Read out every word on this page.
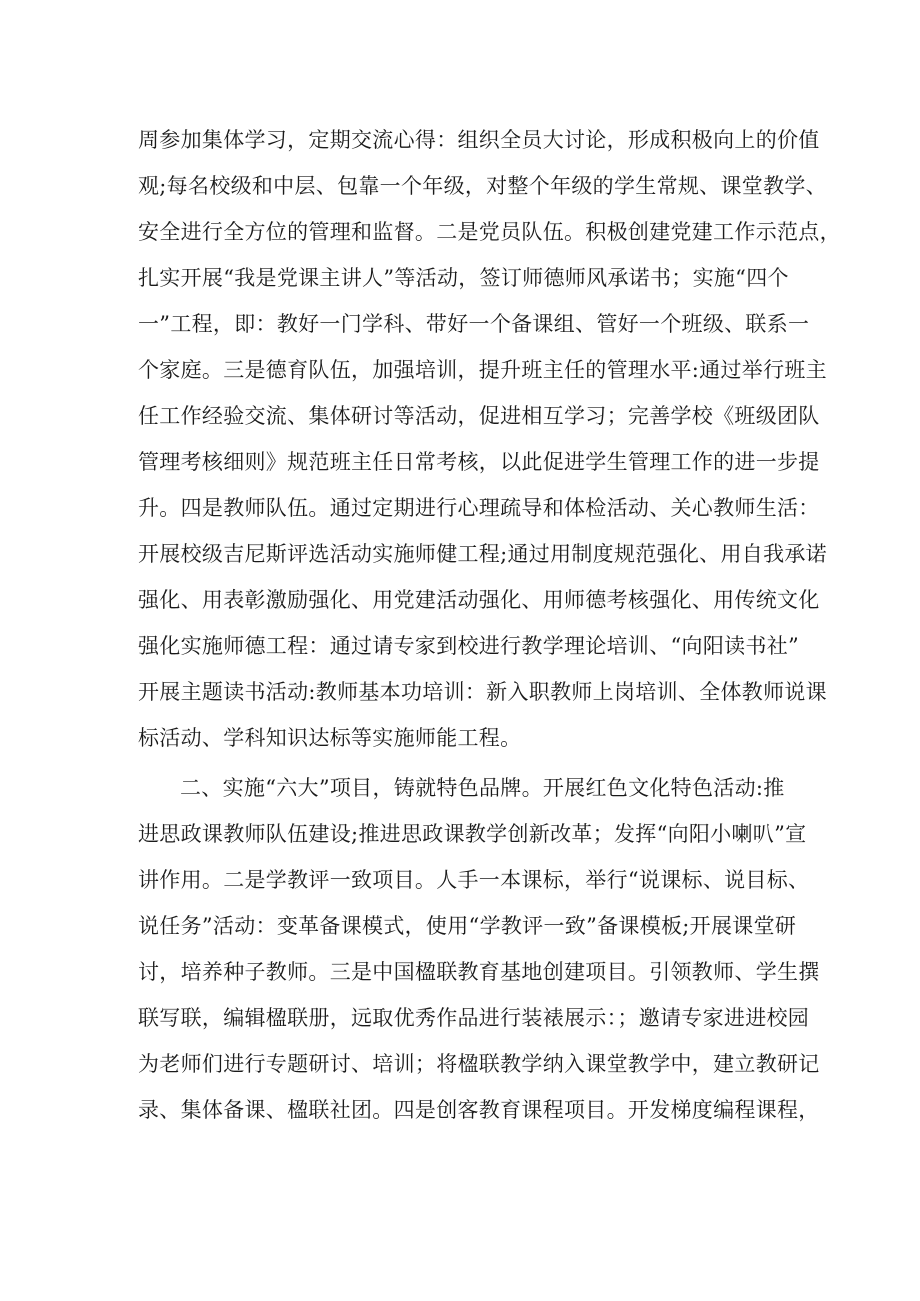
周参加集体学习，定期交流心得：组织全员大讨论，形成积极向上的价值
观;每名校级和中层、包靠一个年级，对整个年级的学生常规、课堂教学、
安全进行全方位的管理和监督。二是党员队伍。积极创建党建工作示范点，
扎实开展“我是党课主讲人”等活动，签订师德师风承诺书；实施“四个
一”工程，即：教好一门学科、带好一个备课组、管好一个班级、联系一
个家庭。三是德育队伍，加强培训，提升班主任的管理水平:通过举行班主
任工作经验交流、集体研讨等活动，促进相互学习；完善学校《班级团队
管理考核细则》规范班主任日常考核，以此促进学生管理工作的进一步提
升。四是教师队伍。通过定期进行心理疏导和体检活动、关心教师生活：
开展校级吉尼斯评选活动实施师健工程;通过用制度规范强化、用自我承诺
强化、用表彰激励强化、用党建活动强化、用师德考核强化、用传统文化
强化实施师德工程：通过请专家到校进行教学理论培训、“向阳读书社”
开展主题读书活动:教师基本功培训：新入职教师上岗培训、全体教师说课
标活动、学科知识达标等实施师能工程。
二、实施“六大”项目，铸就特色品牌。开展红色文化特色活动:推
进思政课教师队伍建设;推进思政课教学创新改革；发挥“向阳小喇叭”宣
讲作用。二是学教评一致项目。人手一本课标，举行“说课标、说目标、
说任务”活动：变革备课模式，使用“学教评一致”备课模板;开展课堂研
讨，培养种子教师。三是中国楹联教育基地创建项目。引领教师、学生撰
联写联，编辑楹联册，远取优秀作品进行装裱展示：；邀请专家进进校园
为老师们进行专题研讨、培训；将楹联教学纳入课堂教学中，建立教研记
录、集体备课、楹联社团。四是创客教育课程项目。开发梯度编程课程，
